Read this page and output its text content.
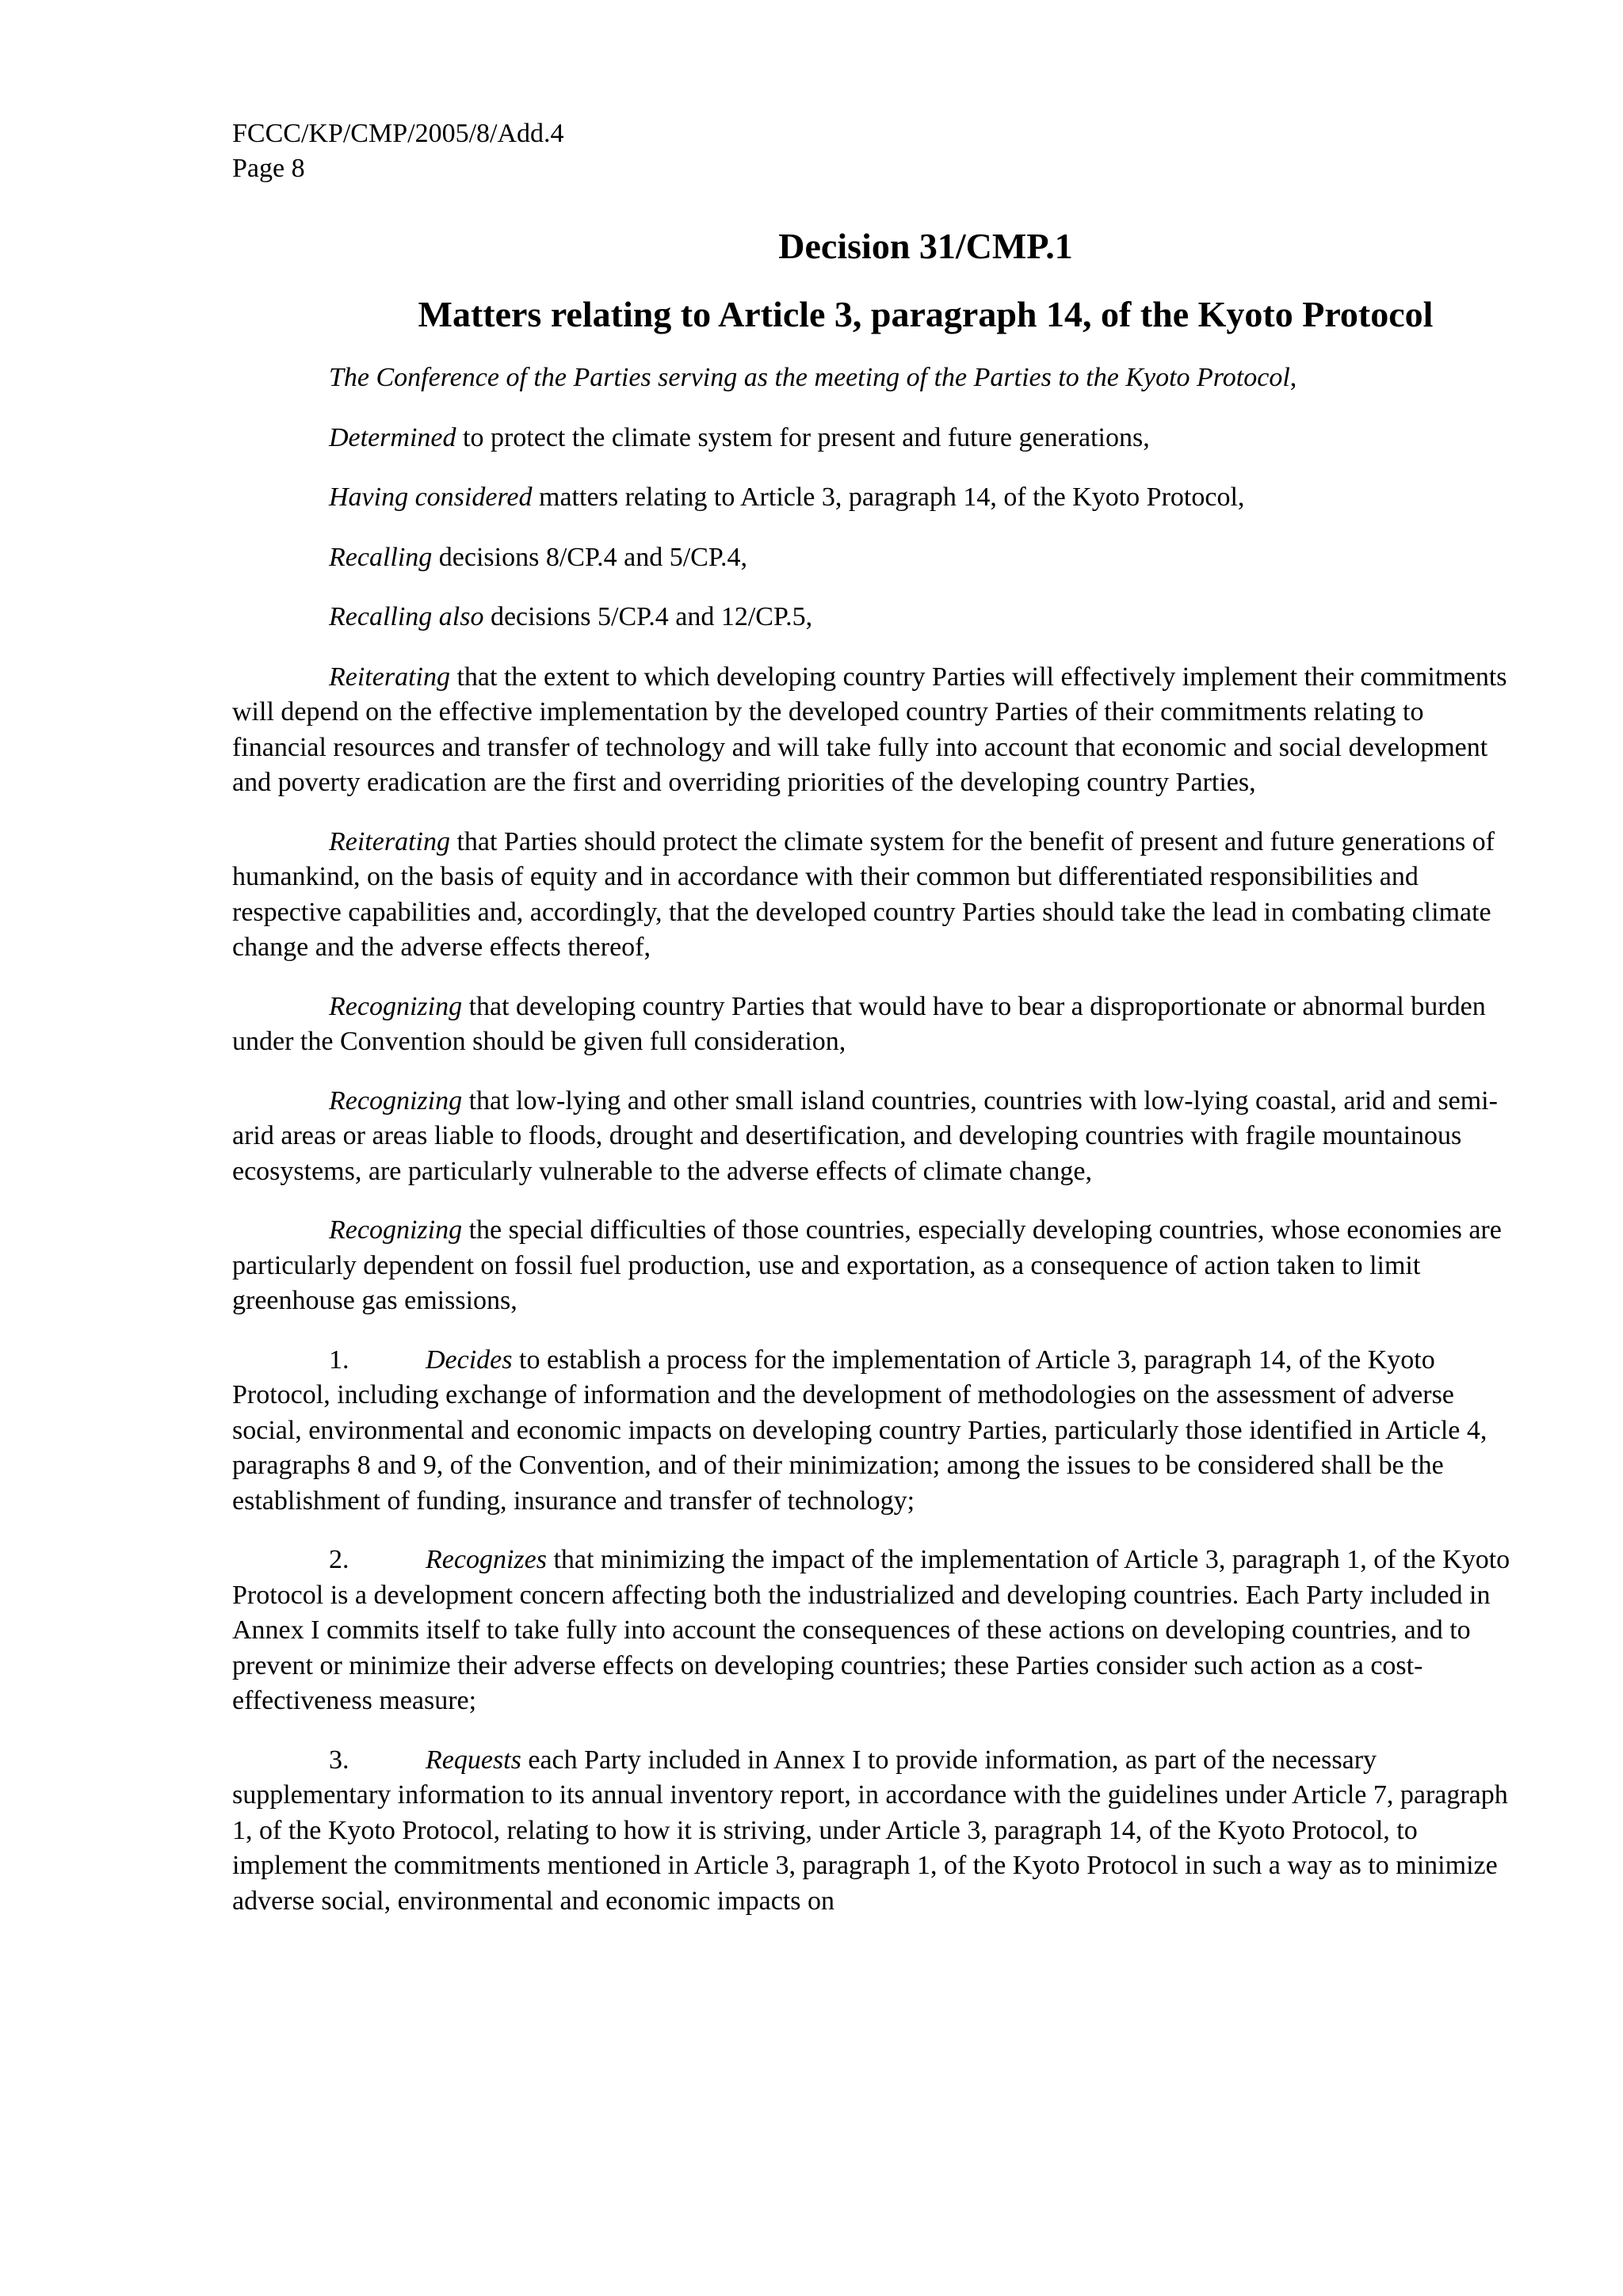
FCCC/KP/CMP/2005/8/Add.4
Page 8
Decision 31/CMP.1
Matters relating to Article 3, paragraph 14, of the Kyoto Protocol
The Conference of the Parties serving as the meeting of the Parties to the Kyoto Protocol,
Determined to protect the climate system for present and future generations,
Having considered matters relating to Article 3, paragraph 14, of the Kyoto Protocol,
Recalling decisions 8/CP.4 and 5/CP.4,
Recalling also decisions 5/CP.4 and 12/CP.5,
Reiterating that the extent to which developing country Parties will effectively implement their commitments will depend on the effective implementation by the developed country Parties of their commitments relating to financial resources and transfer of technology and will take fully into account that economic and social development and poverty eradication are the first and overriding priorities of the developing country Parties,
Reiterating that Parties should protect the climate system for the benefit of present and future generations of humankind, on the basis of equity and in accordance with their common but differentiated responsibilities and respective capabilities and, accordingly, that the developed country Parties should take the lead in combating climate change and the adverse effects thereof,
Recognizing that developing country Parties that would have to bear a disproportionate or abnormal burden under the Convention should be given full consideration,
Recognizing that low-lying and other small island countries, countries with low-lying coastal, arid and semi-arid areas or areas liable to floods, drought and desertification, and developing countries with fragile mountainous ecosystems, are particularly vulnerable to the adverse effects of climate change,
Recognizing the special difficulties of those countries, especially developing countries, whose economies are particularly dependent on fossil fuel production, use and exportation, as a consequence of action taken to limit greenhouse gas emissions,
1.	Decides to establish a process for the implementation of Article 3, paragraph 14, of the Kyoto Protocol, including exchange of information and the development of methodologies on the assessment of adverse social, environmental and economic impacts on developing country Parties, particularly those identified in Article 4, paragraphs 8 and 9, of the Convention, and of their minimization; among the issues to be considered shall be the establishment of funding, insurance and transfer of technology;
2.	Recognizes that minimizing the impact of the implementation of Article 3, paragraph 1, of the Kyoto Protocol is a development concern affecting both the industrialized and developing countries. Each Party included in Annex I commits itself to take fully into account the consequences of these actions on developing countries, and to prevent or minimize their adverse effects on developing countries; these Parties consider such action as a cost-effectiveness measure;
3.	Requests each Party included in Annex I to provide information, as part of the necessary supplementary information to its annual inventory report, in accordance with the guidelines under Article 7, paragraph 1, of the Kyoto Protocol, relating to how it is striving, under Article 3, paragraph 14, of the Kyoto Protocol, to implement the commitments mentioned in Article 3, paragraph 1, of the Kyoto Protocol in such a way as to minimize adverse social, environmental and economic impacts on
